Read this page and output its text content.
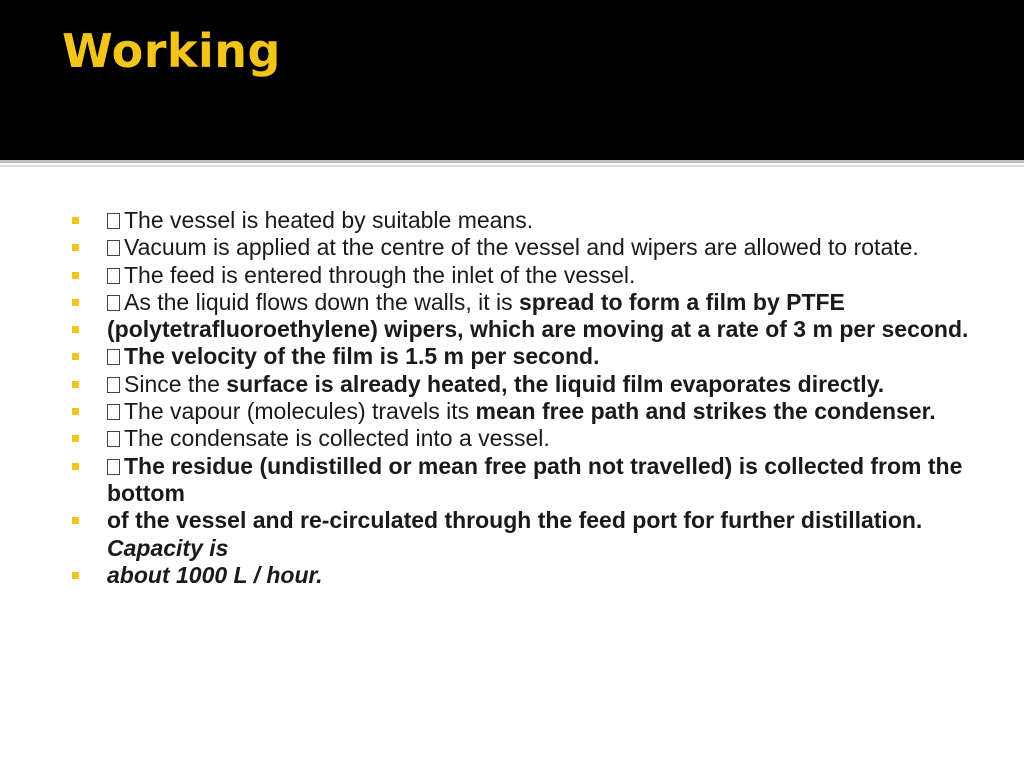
Working
The vessel is heated by suitable means.
Vacuum is applied at the centre of the vessel and wipers are allowed to rotate.
The feed is entered through the inlet of the vessel.
As the liquid flows down the walls, it is spread to form a film by PTFE
(polytetrafluoroethylene) wipers, which are moving at a rate of 3 m per second.
The velocity of the film is 1.5 m per second.
Since the surface is already heated, the liquid film evaporates directly.
The vapour (molecules) travels its mean free path and strikes the condenser.
The condensate is collected into a vessel.
The residue (undistilled or mean free path not travelled) is collected from the bottom
of the vessel and re-circulated through the feed port for further distillation. Capacity is
about 1000 L / hour.
